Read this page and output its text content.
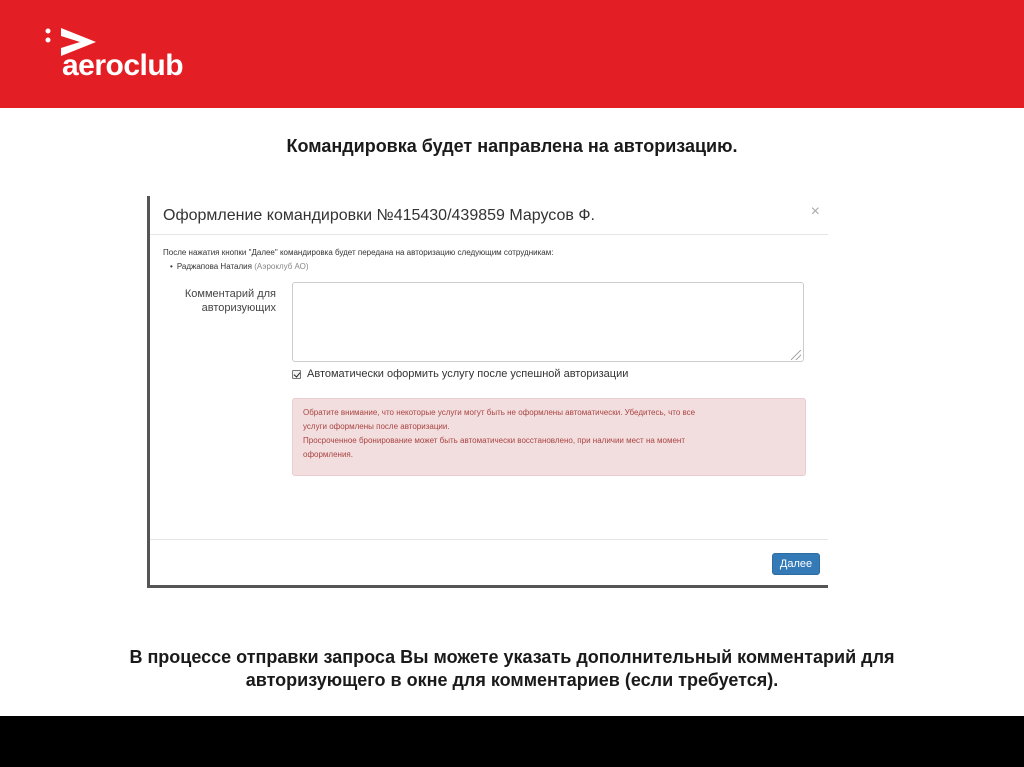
aeroclub
Командировка будет направлена на авторизацию.
Оформление командировки №415430/439859 Марусов Ф.	×
После нажатия кнопки "Далее" командировка будет передана на авторизацию следующим сотрудникам:
• Раджапова Наталия (Аэроклуб АО)
Комментарий для
авторизующих
Автоматически оформить услугу после успешной авторизации

Обратите внимание, что некоторые услуги могут быть не оформлены автоматически. Убедитесь, что все

услуги оформлены после авторизации.

Просроченное бронирование может быть автоматически восстановлено, при наличии мест на момент

оформления.

Далее
В процессе отправки запроса Вы можете указать дополнительный комментарий для
авторизующего в окне для комментариев (если требуется).
